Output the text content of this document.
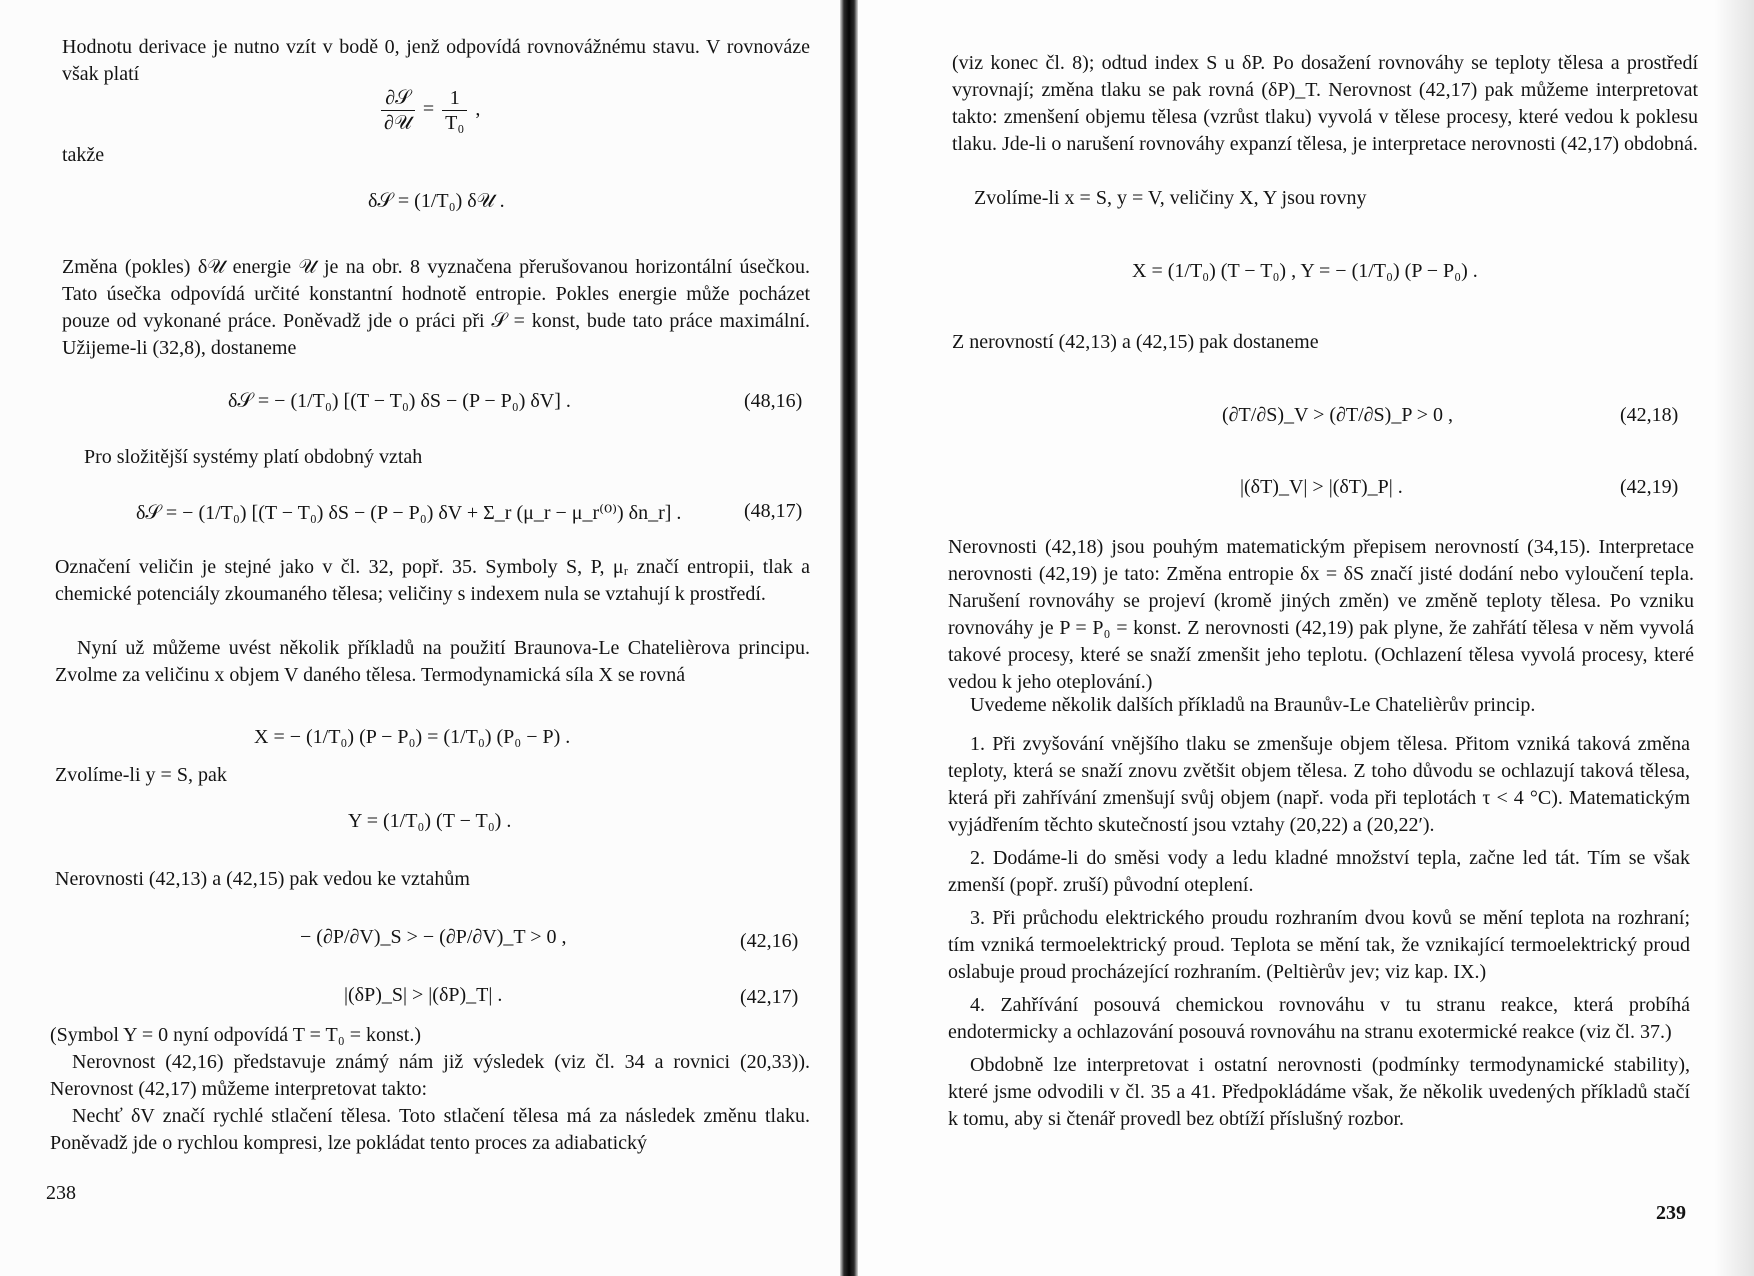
Hodnotu derivace je nutno vzít v bodě 0, jenž odpovídá rovnovážnému stavu. V rovnováze však platí
$\frac{\text{∂𝒮}}{\text{∂𝒰}} = \frac{1}{\text{T₀}}$ ,
takže
δ𝒮 = (1/T₀) δ𝒰 .
Změna (pokles) δ𝒰 energie 𝒰 je na obr. 8 vyznačena přerušovanou horizontální úsečkou. Tato úsečka odpovídá určité konstantní hodnotě entropie. Pokles energie může pocházet pouze od vykonané práce. Poněvadž jde o práci při 𝒮 = konst, bude tato práce maximální. Užijeme-li (32,8), dostaneme
δ𝒮 = − (1/T₀) [(T − T₀) δS − (P − P₀) δV] .	(48,16)
Pro složitější systémy platí obdobný vztah
δ𝒮 = − (1/T₀) [(T − T₀) δS − (P − P₀) δV + Σ_r (μ_r − μ_r⁽⁰⁾) δn_r] .	(48,17)
Označení veličin je stejné jako v čl. 32, popř. 35. Symboly S, P, μᵣ značí entropii, tlak a chemické potenciály zkoumaného tělesa; veličiny s indexem nula se vztahují k prostředí.
Nyní už můžeme uvést několik příkladů na použití Braunova-Le Chatelièrova principu. Zvolme za veličinu x objem V daného tělesa. Termodynamická síla X se rovná
X = − (1/T₀) (P − P₀) = (1/T₀) (P₀ − P) .
Zvolíme-li y = S, pak
Y = (1/T₀) (T − T₀) .
Nerovnosti (42,13) a (42,15) pak vedou ke vztahům
− (∂P/∂V)_S > − (∂P/∂V)_T > 0 ,	(42,16)
|(δP)_S| > |(δP)_T| .	(42,17)
(Symbol Y = 0 nyní odpovídá T = T₀ = konst.)
Nerovnost (42,16) představuje známý nám již výsledek (viz čl. 34 a rovnici (20,33)). Nerovnost (42,17) můžeme interpretovat takto:
Nechť δV značí rychlé stlačení tělesa. Toto stlačení tělesa má za následek změnu tlaku. Poněvadž jde o rychlou kompresi, lze pokládat tento proces za adiabatický
238
(viz konec čl. 8); odtud index S u δP. Po dosažení rovnováhy se teploty tělesa a prostředí vyrovnají; změna tlaku se pak rovná (δP)_T. Nerovnost (42,17) pak můžeme interpretovat takto: zmenšení objemu tělesa (vzrůst tlaku) vyvolá v tělese procesy, které vedou k poklesu tlaku. Jde-li o narušení rovnováhy expanzí tělesa, je interpretace nerovnosti (42,17) obdobná.
Zvolíme-li x = S, y = V, veličiny X, Y jsou rovny
X = (1/T₀) (T − T₀) , Y = − (1/T₀) (P − P₀) .
Z nerovností (42,13) a (42,15) pak dostaneme
(∂T/∂S)_V > (∂T/∂S)_P > 0 ,	(42,18)
|(δT)_V| > |(δT)_P| .	(42,19)
Nerovnosti (42,18) jsou pouhým matematickým přepisem nerovností (34,15). Interpretace nerovnosti (42,19) je tato: Změna entropie δx = δS značí jisté dodání nebo vyloučení tepla. Narušení rovnováhy se projeví (kromě jiných změn) ve změně teploty tělesa. Po vzniku rovnováhy je P = P₀ = konst. Z nerovnosti (42,19) pak plyne, že zahřátí tělesa v něm vyvolá takové procesy, které se snaží zmenšit jeho teplotu. (Ochlazení tělesa vyvolá procesy, které vedou k jeho oteplování.)
Uvedeme několik dalších příkladů na Braunův-Le Chatelièrův princip.
1. Při zvyšování vnějšího tlaku se zmenšuje objem tělesa. Přitom vzniká taková změna teploty, která se snaží znovu zvětšit objem tělesa. Z toho důvodu se ochlazují taková tělesa, která při zahřívání zmenšují svůj objem (např. voda při teplotách τ < 4 °C). Matematickým vyjádřením těchto skutečností jsou vztahy (20,22) a (20,22′).
2. Dodáme-li do směsi vody a ledu kladné množství tepla, začne led tát. Tím se však zmenší (popř. zruší) původní oteplení.
3. Při průchodu elektrického proudu rozhraním dvou kovů se mění teplota na rozhraní; tím vzniká termoelektrický proud. Teplota se mění tak, že vznikající termoelektrický proud oslabuje proud procházející rozhraním. (Peltièrův jev; viz kap. IX.)
4. Zahřívání posouvá chemickou rovnováhu v tu stranu reakce, která probíhá endotermicky a ochlazování posouvá rovnováhu na stranu exotermické reakce (viz čl. 37.)
Obdobně lze interpretovat i ostatní nerovnosti (podmínky termodynamické stability), které jsme odvodili v čl. 35 a 41. Předpokládáme však, že několik uvedených příkladů stačí k tomu, aby si čtenář provedl bez obtíží příslušný rozbor.
239
